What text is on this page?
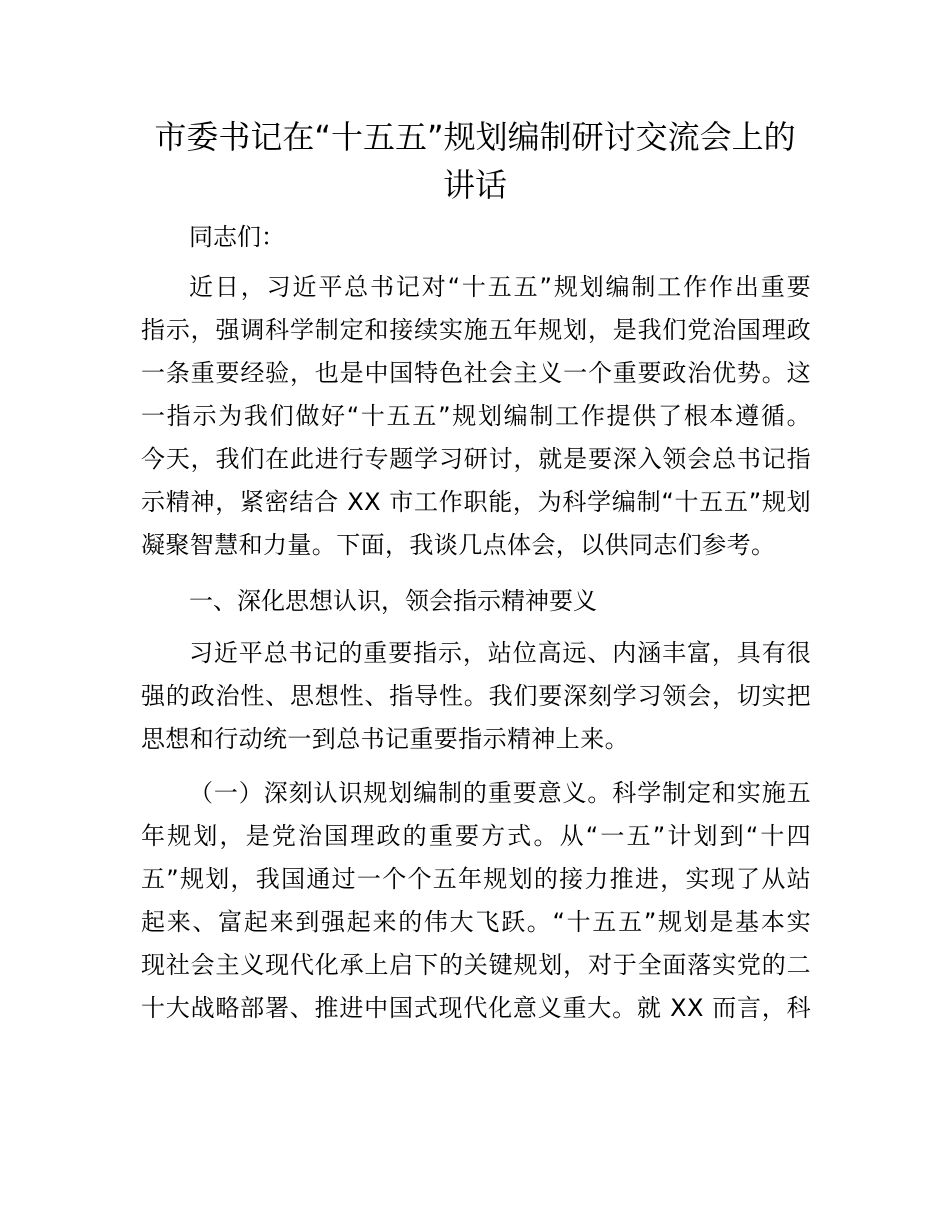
市委书记在“十五五”规划编制研讨交流会上的
讲话

同志们：

近日，习近平总书记对“十五五”规划编制工作作出重要
指示，强调科学制定和接续实施五年规划，是我们党治国理政
一条重要经验，也是中国特色社会主义一个重要政治优势。这
一指示为我们做好“十五五”规划编制工作提供了根本遵循。
今天，我们在此进行专题学习研讨，就是要深入领会总书记指
示精神，紧密结合 XX 市工作职能，为科学编制“十五五”规划
凝聚智慧和力量。下面，我谈几点体会，以供同志们参考。

一、深化思想认识，领会指示精神要义

习近平总书记的重要指示，站位高远、内涵丰富，具有很
强的政治性、思想性、指导性。我们要深刻学习领会，切实把
思想和行动统一到总书记重要指示精神上来。
（一）深刻认识规划编制的重要意义。科学制定和实施五
年规划，是党治国理政的重要方式。从“一五”计划到“十四
五”规划，我国通过一个个五年规划的接力推进，实现了从站
起来、富起来到强起来的伟大飞跃。“十五五”规划是基本实
现社会主义现代化承上启下的关键规划，对于全面落实党的二
十大战略部署、推进中国式现代化意义重大。就 XX 而言，科
